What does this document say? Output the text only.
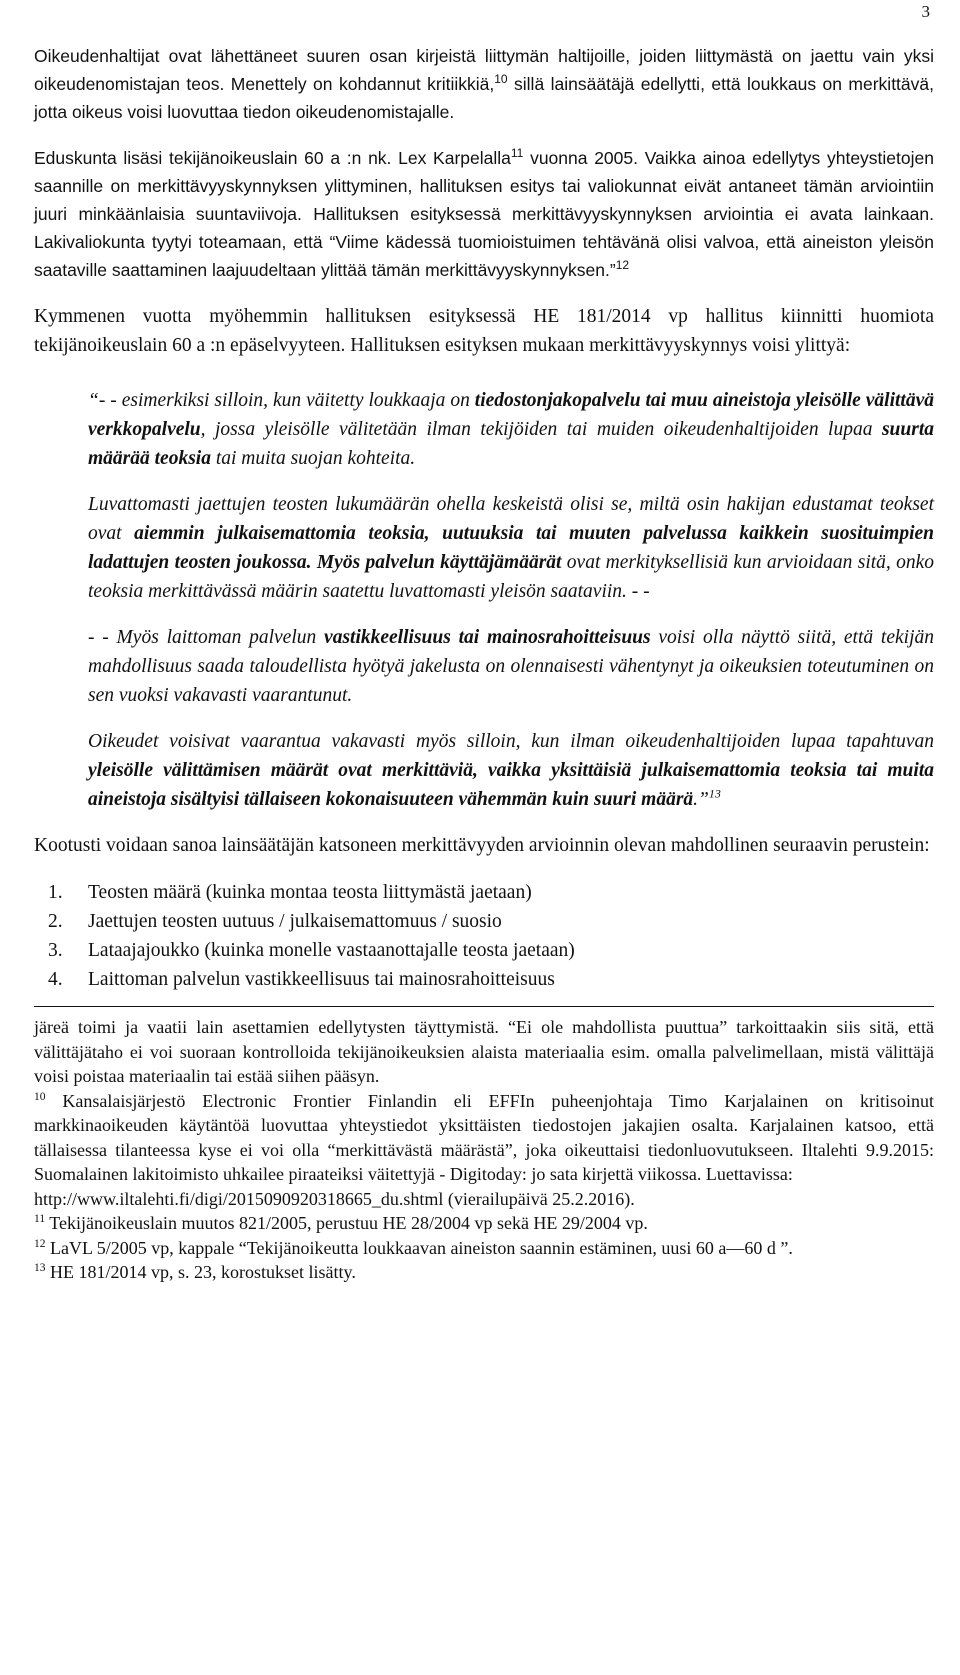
3

Oikeudenhaltijat ovat lähettäneet suuren osan kirjeistä liittymän haltijoille, joiden liittymästä on jaettu vain yksi oikeudenomistajan teos. Menettely on kohdannut kritiikkiä,$^{10}$ sillä lainsäätäjä edellytti, että loukkaus on merkittävä, jotta oikeus voisi luovuttaa tiedon oikeudenomistajalle.

Eduskunta lisäsi tekijänoikeuslain 60 a :n nk. Lex Karpelalla$^{11}$ vuonna 2005. Vaikka ainoa edellytys yhteystietojen saannille on merkittävyyskynnyksen ylittyminen, hallituksen esitys tai valiokunnat eivät antaneet tämän arviointiin juuri minkäänlaisia suuntaviivoja. Hallituksen esityksessä merkittävyyskynnyksen arviointia ei avata lainkaan. Lakivaliokunta tyytyi toteamaan, että “Viime kädessä tuomioistuimen tehtävänä olisi valvoa, että aineiston yleisön saataville saattaminen laajuudeltaan ylittää tämän merkittävyyskynnyksen.”$^{12}$

Kymmenen vuotta myöhemmin hallituksen esityksessä HE 181/2014 vp hallitus kiinnitti huomiota tekijänoikeuslain 60 a :n epäselvyyteen. Hallituksen esityksen mukaan merkittävyyskynnys voisi ylittyä:

“- - esimerkiksi silloin, kun väitetty loukkaaja on tiedostonjakopalvelu tai muu aineistoja yleisölle välittävä verkkopalvelu, jossa yleisölle välitetään ilman tekijöiden tai muiden oikeudenhaltijoiden lupaa suurta määrää teoksia tai muita suojan kohteita.

Luvattomasti jaettujen teosten lukumäärän ohella keskeistä olisi se, miltä osin hakijan edustamat teokset ovat aiemmin julkaisemattomia teoksia, uutuuksia tai muuten palvelussa kaikkein suosituimpien ladattujen teosten joukossa. Myös palvelun käyttäjämäärät ovat merkityksellisiä kun arvioidaan sitä, onko teoksia merkittävässä määrin saatettu luvattomasti yleisön saataviin. - -

- - Myös laittoman palvelun vastikkeellisuus tai mainosrahoitteisuus voisi olla näyttö siitä, että tekijän mahdollisuus saada taloudellista hyötyä jakelusta on olennaisesti vähentynyt ja oikeuksien toteutuminen on sen vuoksi vakavasti vaarantunut.

Oikeudet voisivat vaarantua vakavasti myös silloin, kun ilman oikeudenhaltijoiden lupaa tapahtuvan yleisölle välittämisen määrät ovat merkittäviä, vaikka yksittäisiä julkaisemattomia teoksia tai muita aineistoja sisältyisi tällaiseen kokonaisuuteen vähemmän kuin suuri määrä.”$^{13}$

Kootusti voidaan sanoa lainsäätäjän katsoneen merkittävyyden arvioinnin olevan mahdollinen seuraavin perustein:

1.	Teosten määrä (kuinka montaa teosta liittymästä jaetaan)
2.	Jaettujen teosten uutuus / julkaisemattomuus / suosio
3.	Lataajajoukko (kuinka monelle vastaanottajalle teosta jaetaan)
4.	Laittoman palvelun vastikkeellisuus tai mainosrahoitteisuus

järeä toimi ja vaatii lain asettamien edellytysten täyttymistä. “Ei ole mahdollista puuttua” tarkoittaakin siis sitä, että välittäjätaho ei voi suoraan kontrolloida tekijänoikeuksien alaista materiaalia esim. omalla palvelimellaan, mistä välittäjä voisi poistaa materiaalin tai estää siihen pääsyn.

$^{10}$ Kansalaisjärjestö Electronic Frontier Finlandin eli EFFIn puheenjohtaja Timo Karjalainen on kritisoinut markkinaoikeuden käytäntöä luovuttaa yhteystiedot yksittäisten tiedostojen jakajien osalta. Karjalainen katsoo, että tällaisessa tilanteessa kyse ei voi olla “merkittävästä määrästä”, joka oikeuttaisi tiedonluovutukseen. Iltalehti 9.9.2015: Suomalainen lakitoimisto uhkailee piraateiksi väitettyjä - Digitoday: jo sata kirjettä viikossa. Luettavissa:

http://www.iltalehti.fi/digi/2015090920318665_du.shtml (vierailupäivä 25.2.2016).

$^{11}$ Tekijänoikeuslain muutos 821/2005, perustuu HE 28/2004 vp sekä HE 29/2004 vp.

$^{12}$ LaVL 5/2005 vp, kappale “Tekijänoikeutta loukkaavan aineiston saannin estäminen, uusi 60 a—60 d ”.

$^{13}$ HE 181/2014 vp, s. 23, korostukset lisätty.
